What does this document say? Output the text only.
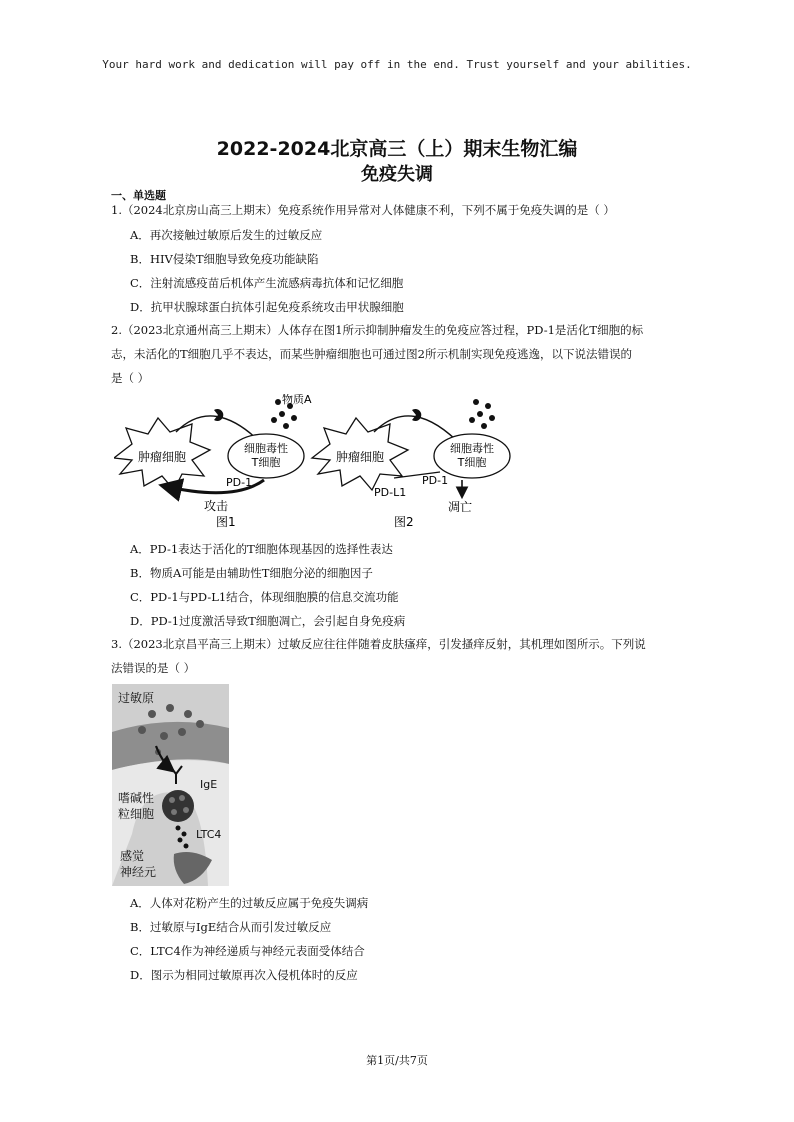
Your hard work and dedication will pay off in the end. Trust yourself and your abilities.
2022-2024北京高三（上）期末生物汇编
免疫失调
一、单选题
1.（2024北京房山高三上期末）免疫系统作用异常对人体健康不利，下列不属于免疫失调的是（ ）
A．再次接触过敏原后发生的过敏反应
B．HIV侵染T细胞导致免疫功能缺陷
C．注射流感疫苗后机体产生流感病毒抗体和记忆细胞
D．抗甲状腺球蛋白抗体引起免疫系统攻击甲状腺细胞
2.（2023北京通州高三上期末）人体存在图1所示抑制肿瘤发生的免疫应答过程，PD-1是活化T细胞的标
志，未活化的T细胞几乎不表达，而某些肿瘤细胞也可通过图2所示机制实现免疫逃逸，以下说法错误的
是（ ）
肿瘤细胞
物质A
细胞毒性
T细胞
PD-1
攻击
图1
肿瘤细胞
细胞毒性
T细胞
PD-L1
PD-1
凋亡
图2
A．PD-1表达于活化的T细胞体现基因的选择性表达
B．物质A可能是由辅助性T细胞分泌的细胞因子
C．PD-1与PD-L1结合，体现细胞膜的信息交流功能
D．PD-1过度激活导致T细胞凋亡，会引起自身免疫病
3.（2023北京昌平高三上期末）过敏反应往往伴随着皮肤瘙痒，引发搔痒反射，其机理如图所示。下列说
法错误的是（ ）
过敏原
IgE
嗜碱性
粒细胞
LTC4
感觉
神经元
A．人体对花粉产生的过敏反应属于免疫失调病
B．过敏原与IgE结合从而引发过敏反应
C．LTC4作为神经递质与神经元表面受体结合
D．图示为相同过敏原再次入侵机体时的反应
第1页/共7页
